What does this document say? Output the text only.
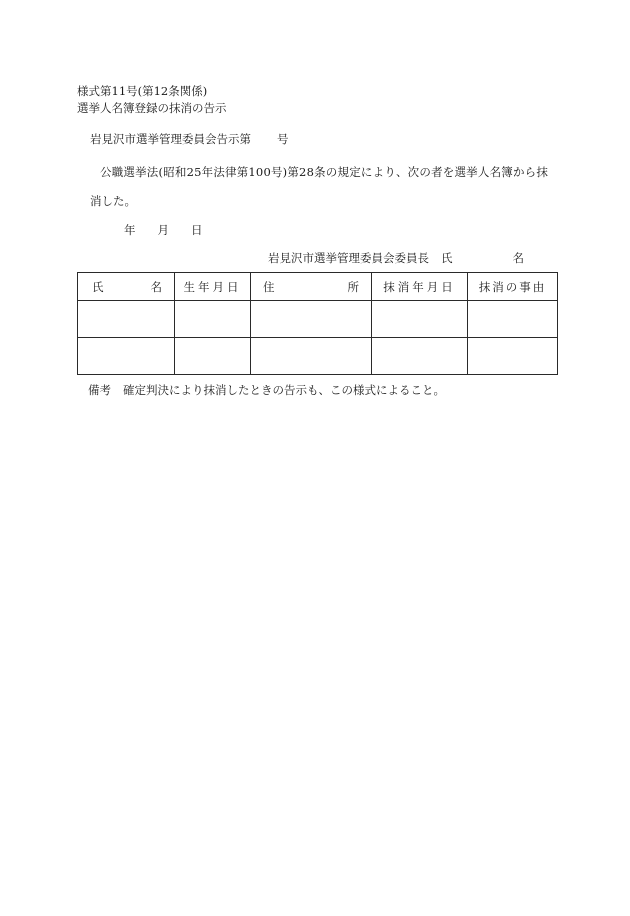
様式第11号(第12条関係)
選挙人名簿登録の抹消の告示
岩見沢市選挙管理委員会告示第 号
公職選挙法(昭和25年法律第100号)第28条の規定により、次の者を選挙人名簿から抹
消した。
年 月 日
岩見沢市選挙管理委員会委員長 氏	名
氏 名	生年月日	住 所	抹消年月日	抹消の事由

備考 確定判決により抹消したときの告示も、この様式によること。
